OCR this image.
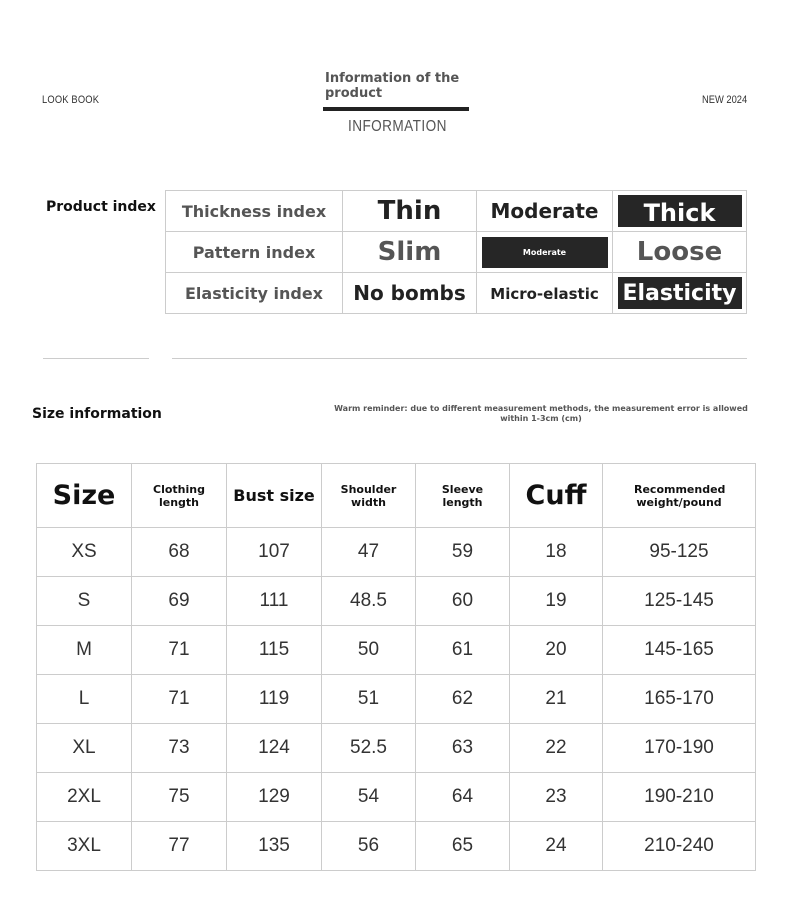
LOOK BOOK
Information of the product
INFORMATION
NEW 2024
Product index Thickness index	Thin	Moderate	Thick
Pattern index	Slim	Moderate	Loose
Elasticity index	No bombs	Micro-elastic	Elasticity
Size information	Warm reminder: due to different measurement methods, the measurement error is allowed within 1-3cm (cm)
Size	Clothing length	Bust size	Shoulder width	Sleeve length	Cuff	Recommended weight/pound

XS	68	107	47	59	18	95-125
S	69	111	48.5	60	19	125-145
M	71	115	50	61	20	145-165
L	71	119	51	62	21	165-170
XL	73	124	52.5	63	22	170-190
2XL	75	129	54	64	23	190-210
3XL	77	135	56	65	24	210-240
